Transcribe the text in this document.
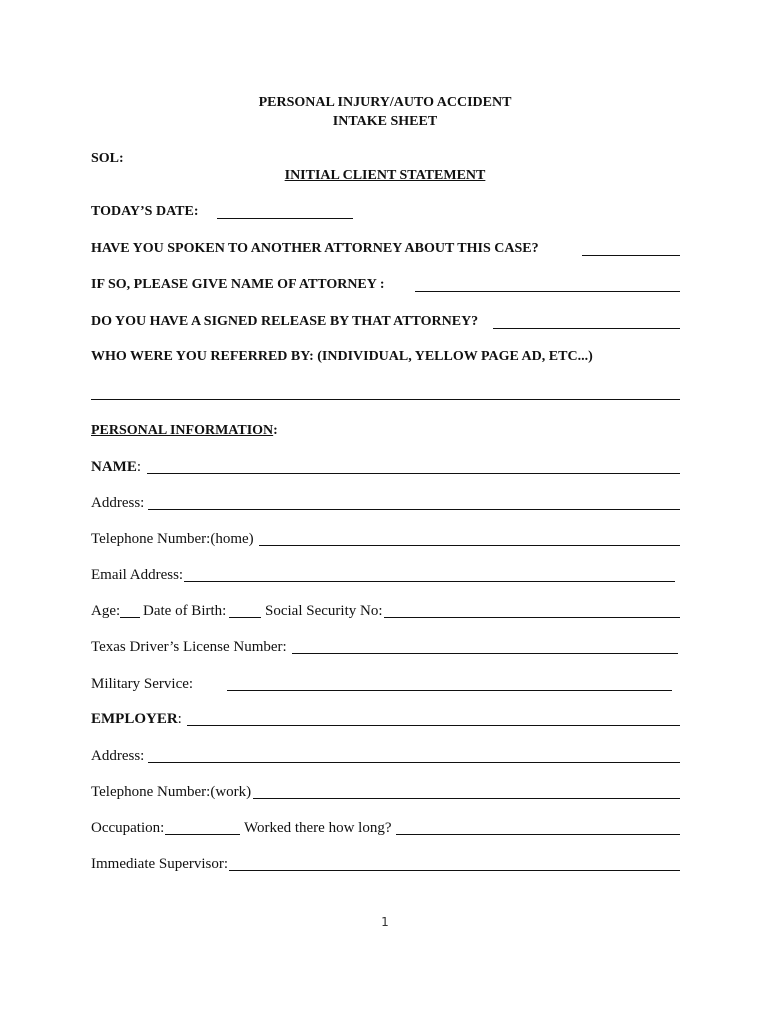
PERSONAL INJURY/AUTO ACCIDENT
INTAKE SHEET
SOL:
INITIAL CLIENT STATEMENT
TODAY’S DATE:
HAVE YOU SPOKEN TO ANOTHER ATTORNEY ABOUT THIS CASE?
IF SO, PLEASE GIVE NAME OF ATTORNEY :
DO YOU HAVE A SIGNED RELEASE BY THAT ATTORNEY?
WHO WERE YOU REFERRED BY: (INDIVIDUAL, YELLOW PAGE AD, ETC...)
PERSONAL INFORMATION:
NAME:
Address:
Telephone Number:(home)
Email Address:
Age: Date of Birth:	Social Security No:
Texas Driver’s License Number:
Military Service:
EMPLOYER:
Address:
Telephone Number:(work)
Occupation:	Worked there how long?
Immediate Supervisor:
1
